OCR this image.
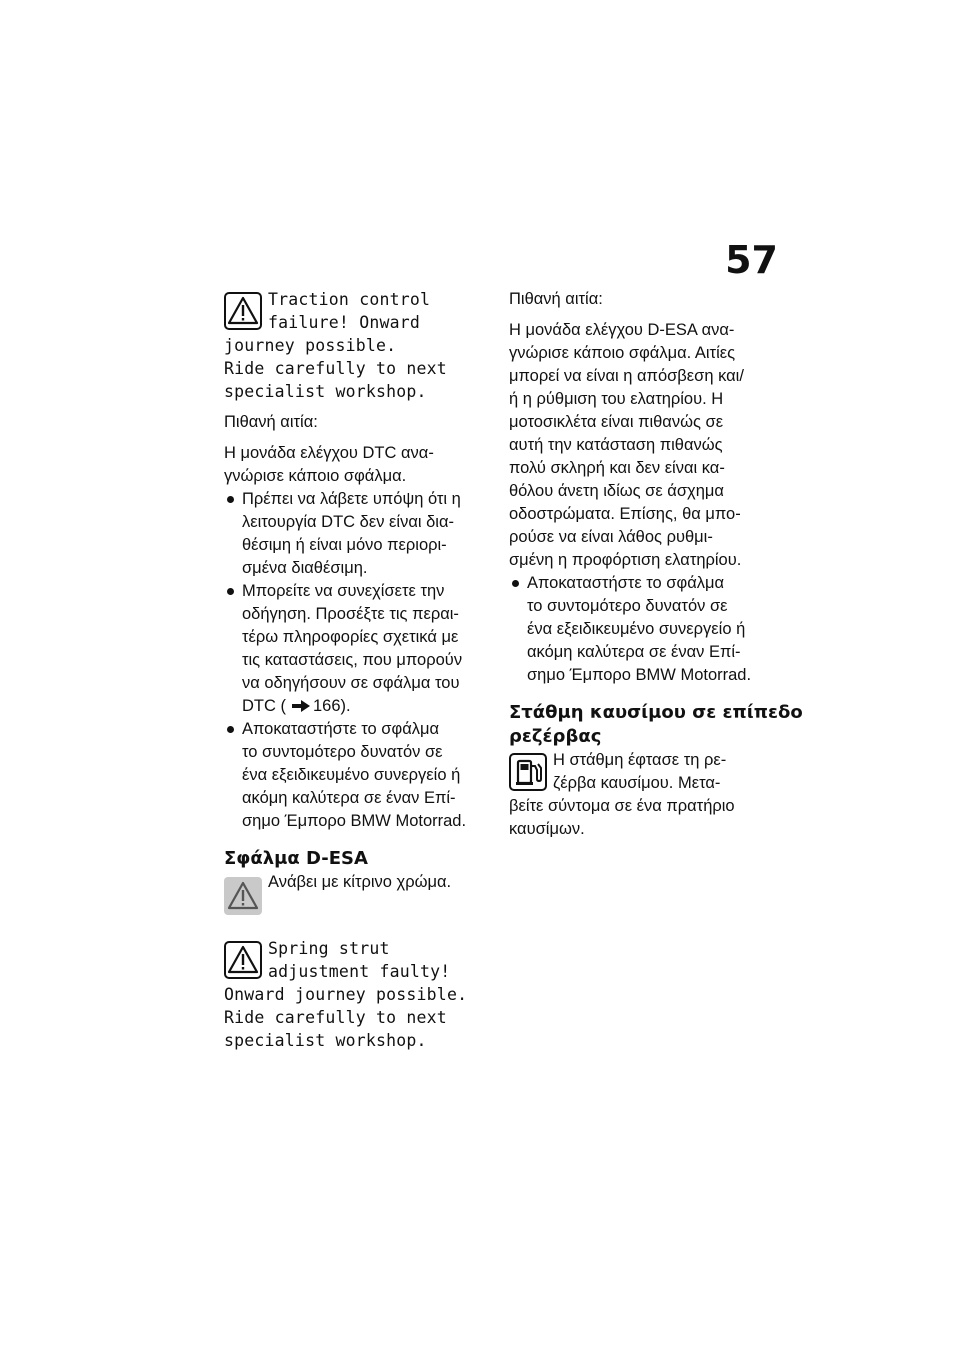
57
Traction control
failure! Onward
journey possible.
Ride carefully to next
specialist workshop.

Πιθανή αιτία:

Η μονάδα ελέγχου DTC ανα-
γνώρισε κάποιο σφάλμα.

Πρέπει να λάβετε υπόψη ότι η
λειτουργία DTC δεν είναι δια-
θέσιμη ή είναι μόνο περιορι-
σμένα διαθέσιμη.
Μπορείτε να συνεχίσετε την
οδήγηση. Προσέξτε τις περαι-
τέρω πληροφορίες σχετικά με
τις καταστάσεις, που μπορούν
να οδηγήσουν σε σφάλμα του
DTC ( 166).
Αποκαταστήστε το σφάλμα
το συντομότερο δυνατόν σε
ένα εξειδικευμένο συνεργείο ή
ακόμη καλύτερα σε έναν Επί-
σημο Έμπορο BMW Motorrad.
Σφάλμα D-ESA

Ανάβει με κίτρινο χρώμα.

Spring strut
adjustment faulty!
Onward journey possible.
Ride carefully to next
specialist workshop.

Πιθανή αιτία:

Η μονάδα ελέγχου D-ESA ανα-
γνώρισε κάποιο σφάλμα. Αιτίες
μπορεί να είναι η απόσβεση και/
ή η ρύθμιση του ελατηρίου. Η
μοτοσικλέτα είναι πιθανώς σε
αυτή την κατάσταση πιθανώς
πολύ σκληρή και δεν είναι κα-
θόλου άνετη ιδίως σε άσχημα
οδοστρώματα. Επίσης, θα μπο-
ρούσε να είναι λάθος ρυθμι-
σμένη η προφόρτιση ελατηρίου.

Αποκαταστήστε το σφάλμα
το συντομότερο δυνατόν σε
ένα εξειδικευμένο συνεργείο ή
ακόμη καλύτερα σε έναν Επί-
σημο Έμπορο BMW Motorrad.
Στάθμη καυσίμου σε επίπεδο
ρεζέρβας

Η στάθμη έφτασε τη ρε-
ζέρβα καυσίμου. Μετα-
βείτε σύντομα σε ένα πρατήριο
καυσίμων.
